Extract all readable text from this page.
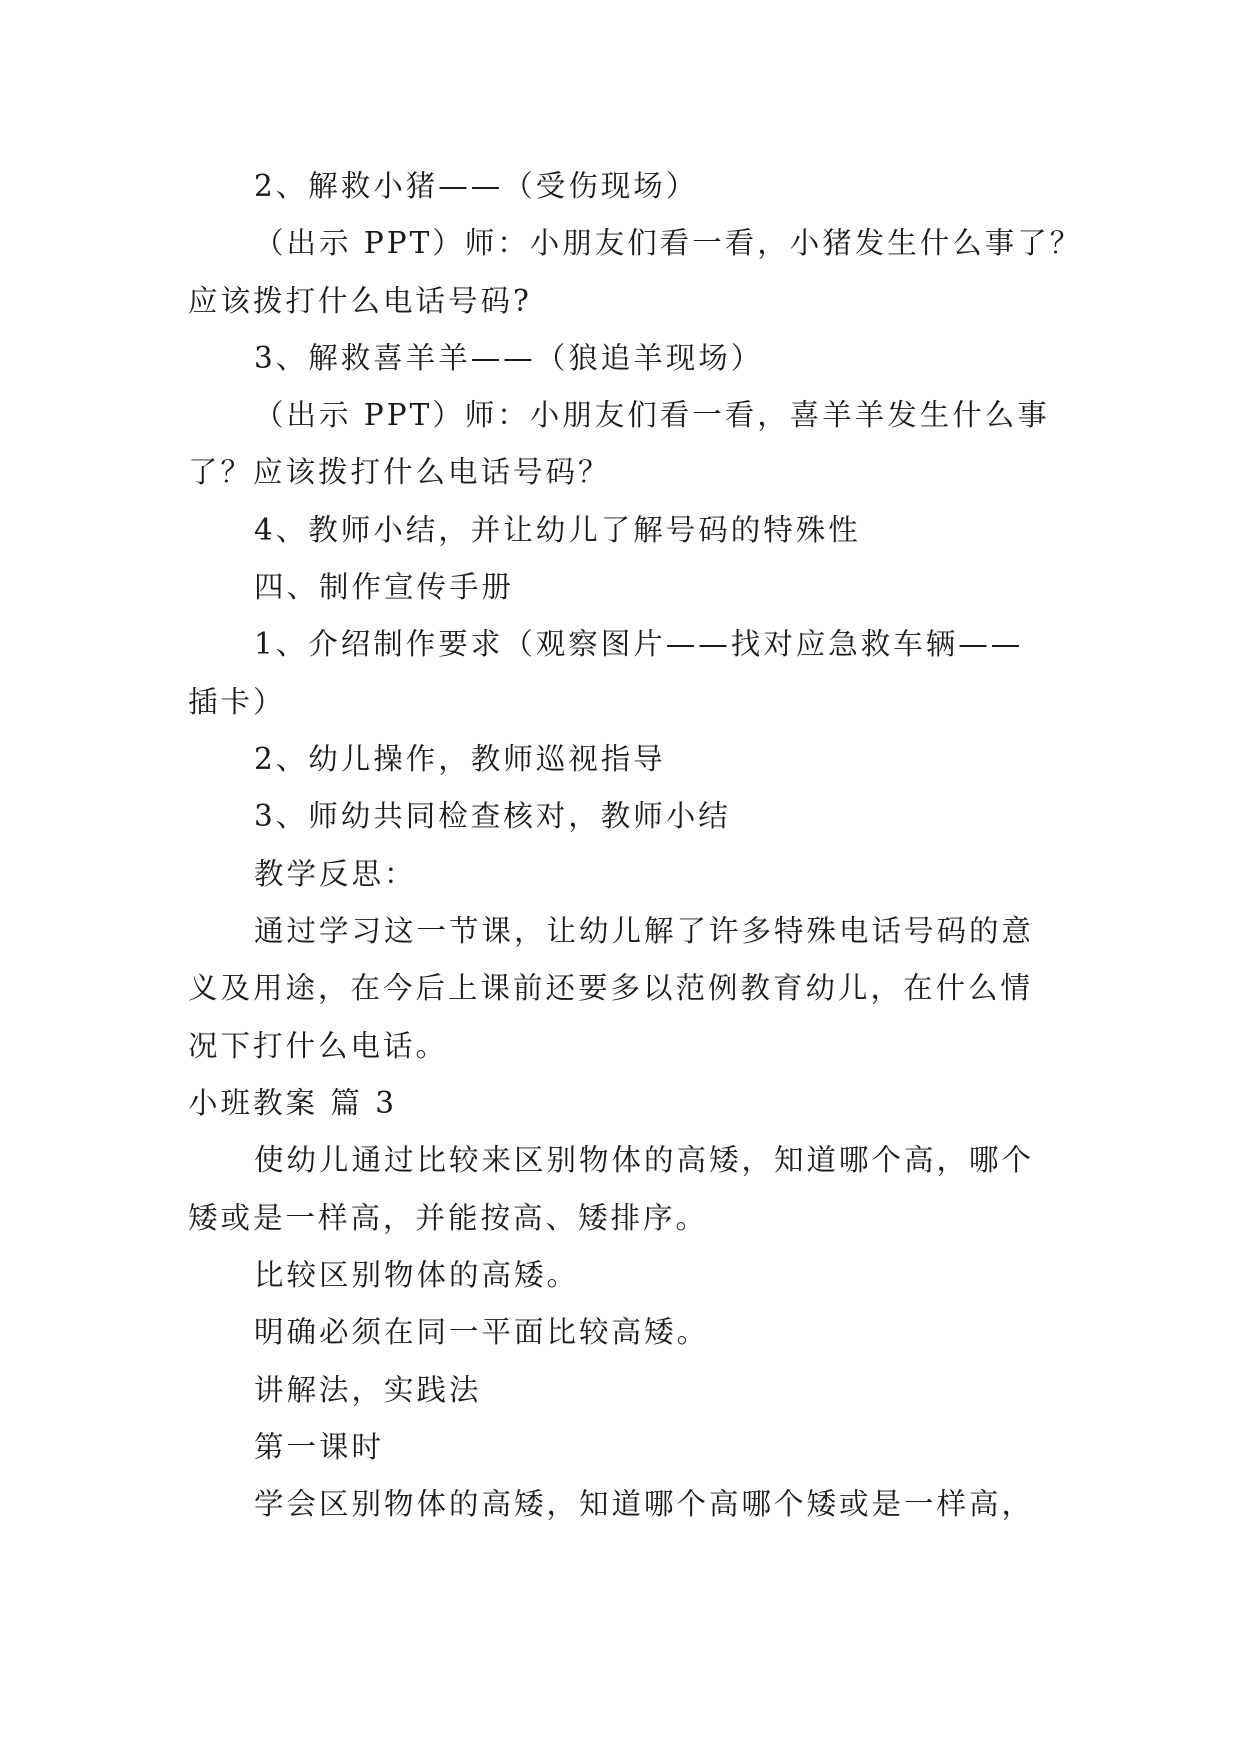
2、解救小猪——（受伤现场）
（出示 PPT）师：小朋友们看一看，小猪发生什么事了？
应该拨打什么电话号码?
3、解救喜羊羊——（狼追羊现场）
（出示 PPT）师：小朋友们看一看，喜羊羊发生什么事
了？应该拨打什么电话号码？
4、教师小结，并让幼儿了解号码的特殊性
四、制作宣传手册
1、介绍制作要求（观察图片——找对应急救车辆——
插卡）
2、幼儿操作，教师巡视指导
3、师幼共同检查核对，教师小结
教学反思：
通过学习这一节课，让幼儿解了许多特殊电话号码的意
义及用途，在今后上课前还要多以范例教育幼儿，在什么情
况下打什么电话。
小班教案 篇 3
使幼儿通过比较来区别物体的高矮，知道哪个高，哪个
矮或是一样高，并能按高、矮排序。
比较区别物体的高矮。
明确必须在同一平面比较高矮。
讲解法，实践法
第一课时
学会区别物体的高矮，知道哪个高哪个矮或是一样高，
